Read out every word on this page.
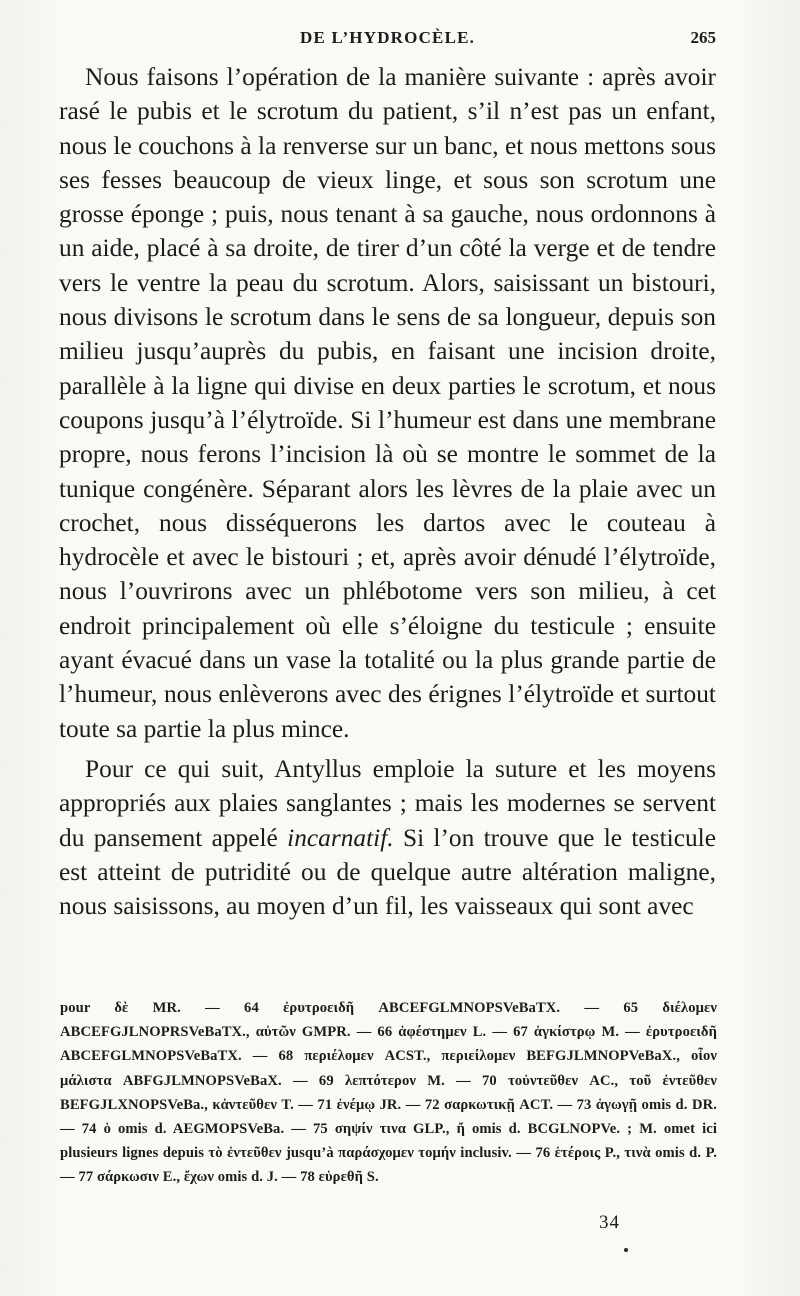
DE L’HYDROCÈLE.	265

Nous faisons l’opération de la manière suivante : après avoir rasé le pubis et le scrotum du patient, s’il n’est pas un enfant, nous le couchons à la renverse sur un banc, et nous mettons sous ses fesses beaucoup de vieux linge, et sous son scrotum une grosse éponge ; puis, nous tenant à sa gauche, nous ordonnons à un aide, placé à sa droite, de tirer d’un côté la verge et de tendre vers le ventre la peau du scrotum. Alors, saisissant un bistouri, nous divisons le scrotum dans le sens de sa longueur, depuis son milieu jusqu’auprès du pubis, en faisant une incision droite, parallèle à la ligne qui divise en deux parties le scrotum, et nous coupons jusqu’à l’élytroïde. Si l’humeur est dans une membrane propre, nous ferons l’incision là où se montre le sommet de la tunique congénère. Séparant alors les lèvres de la plaie avec un crochet, nous disséquerons les dartos avec le couteau à hydrocèle et avec le bistouri ; et, après avoir dénudé l’élytroïde, nous l’ouvrirons avec un phlébotome vers son milieu, à cet endroit principalement où elle s’éloigne du testicule ; ensuite ayant évacué dans un vase la totalité ou la plus grande partie de l’humeur, nous enlèverons avec des érignes l’élytroïde et surtout toute sa partie la plus mince.

Pour ce qui suit, Antyllus emploie la suture et les moyens appropriés aux plaies sanglantes ; mais les modernes se servent du pansement appelé incarnatif. Si l’on trouve que le testicule est atteint de putridité ou de quelque autre altération maligne, nous saisissons, au moyen d’un fil, les vaisseaux qui sont avec

pour δὲ MR. — 64 ἐρυτροειδῆ ABCEFGLMNOPSVeBaTX. — 65 διέλομεν ABCEFGJLNOPRSVeBaTX., αὐτῶν GMPR. — 66 ἀφέστημεν L. — 67 ἀγκίστρῳ M. — ἐρυτροειδῆ ABCEFGLMNOPSVeBaTX. — 68 περιέλομεν ACST., περιείλομεν BEFGJLMNOPVeBaX., οἷον μάλιστα ABFGJLMNOPSVeBaX. — 69 λεπτότερον M. — 70 τοὐντεῦθεν AC., τοῦ ἐντεῦθεν BEFGJLXNOPSVeBa., κἀντεῦθεν T. — 71 ἐνέμῳ JR. — 72 σαρκωτικῇ ACT. — 73 ἀγωγῇ omis d. DR. — 74 ὁ omis d. AEGMOPSVeBa. — 75 σηψίν τινα GLP., ἤ omis d. BCGLNOPVe. ; M. omet ici plusieurs lignes depuis τὸ ἐντεῦθεν jusqu’à παράσχομεν τομήν inclusiv. — 76 ἑτέροις P., τινὰ omis d. P. — 77 σάρκωσιν E., ἔχων omis d. J. — 78 εὑρεθῆ S.
34
